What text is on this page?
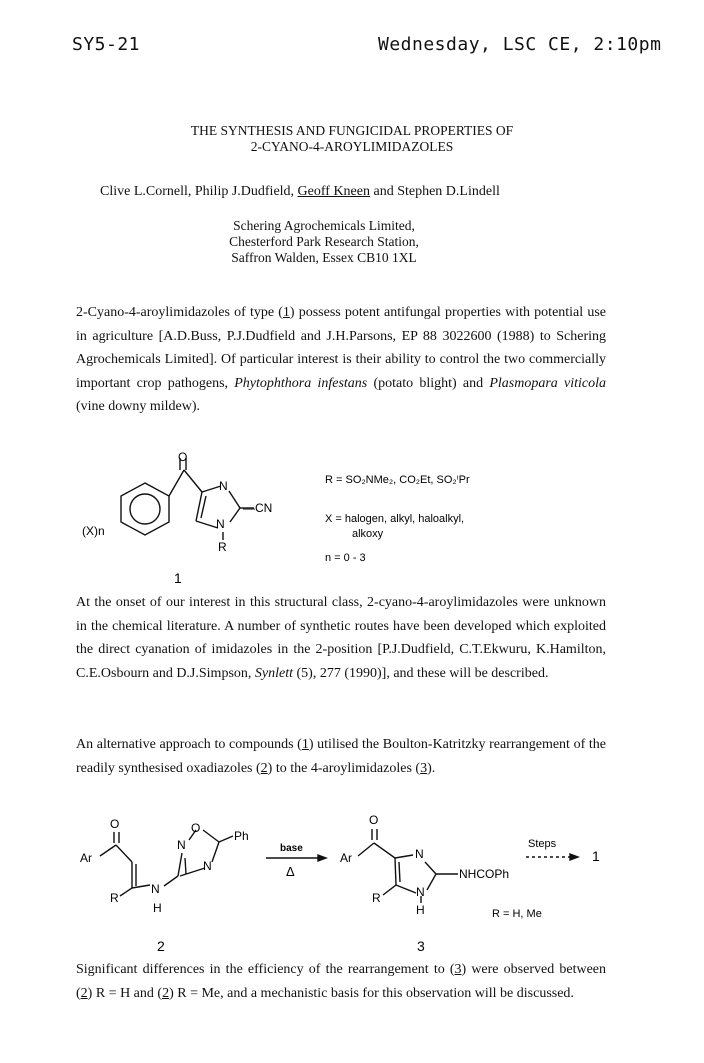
SY5-21	Wednesday, LSC CE, 2:10pm
THE SYNTHESIS AND FUNGICIDAL PROPERTIES OF
2-CYANO-4-AROYLIMIDAZOLES
Clive L.Cornell, Philip J.Dudfield, Geoff Kneen and Stephen D.Lindell
Schering Agrochemicals Limited,
Chesterford Park Research Station,
Saffron Walden, Essex CB10 1XL

2-Cyano-4-aroylimidazoles of type (1) possess potent antifungal properties with potential use in agriculture [A.D.Buss, P.J.Dudfield and J.H.Parsons, EP 88 3022600 (1988) to Schering Agrochemicals Limited]. Of particular interest is their ability to control the two commercially important crop pathogens, Phytophthora infestans (potato blight) and Plasmopara viticola (vine downy mildew).

O
N
N
—CN
R
(X)n
1
R = SO₂NMe₂, CO₂Et, SO₂ⁱPr
X = halogen, alkyl, haloalkyl,
alkoxy
n = 0 - 3

At the onset of our interest in this structural class, 2-cyano-4-aroylimidazoles were unknown in the chemical literature. A number of synthetic routes have been developed which exploited the direct cyanation of imidazoles in the 2-position [P.J.Dudfield, C.T.Ekwuru, K.Hamilton, C.E.Osbourn and D.J.Simpson, Synlett (5), 277 (1990)], and these will be described.

An alternative approach to compounds (1) utilised the Boulton-Katritzky rearrangement of the readily synthesised oxadiazoles (2) to the 4-aroylimidazoles (3).

O
Ar
R
N
H
O
N
N
Ph
base
Δ
O
Ar
R
N
N
H
NHCOPh
Steps
1
R = H, Me
2	3

Significant differences in the efficiency of the rearrangement to (3) were observed between (2) R = H and (2) R = Me, and a mechanistic basis for this observation will be discussed.
